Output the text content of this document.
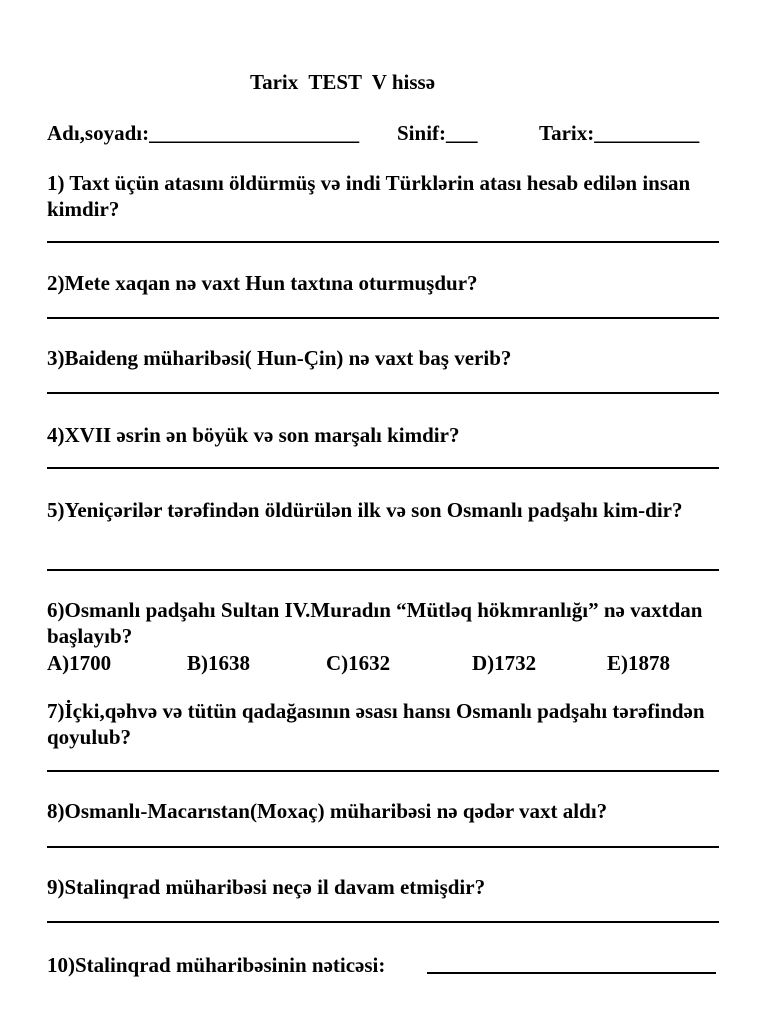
Tarix  TEST  V hissə

Adı,soyadı:____________________

Sinif:___

	Tarix:__________

1) Taxt üçün atasını öldürmüş və indi Türklərin atası hesab edilən insan kimdir?
2)Mete xaqan nə vaxt Hun taxtına oturmuşdur?
3)Baideng müharibəsi( Hun-Çin) nə vaxt baş verib?
4)XVII əsrin ən böyük və son marşalı kimdir?
5)Yeniçərilər tərəfindən öldürülən ilk və son Osmanlı padşahı kim-dir?
6)Osmanlı padşahı Sultan IV.Muradın “Mütləq hökmranlığı” nə vaxtdan başlayıb?
A)1700	B)1638	C)1632	D)1732	E)1878
7)İçki,qəhvə və tütün qadağasının əsası hansı Osmanlı padşahı tərəfindən qoyulub?
8)Osmanlı-Macarıstan(Moxaç) müharibəsi nə qədər vaxt aldı?
9)Stalinqrad müharibəsi neçə il davam etmişdir?
10)Stalinqrad müharibəsinin nəticəsi:
